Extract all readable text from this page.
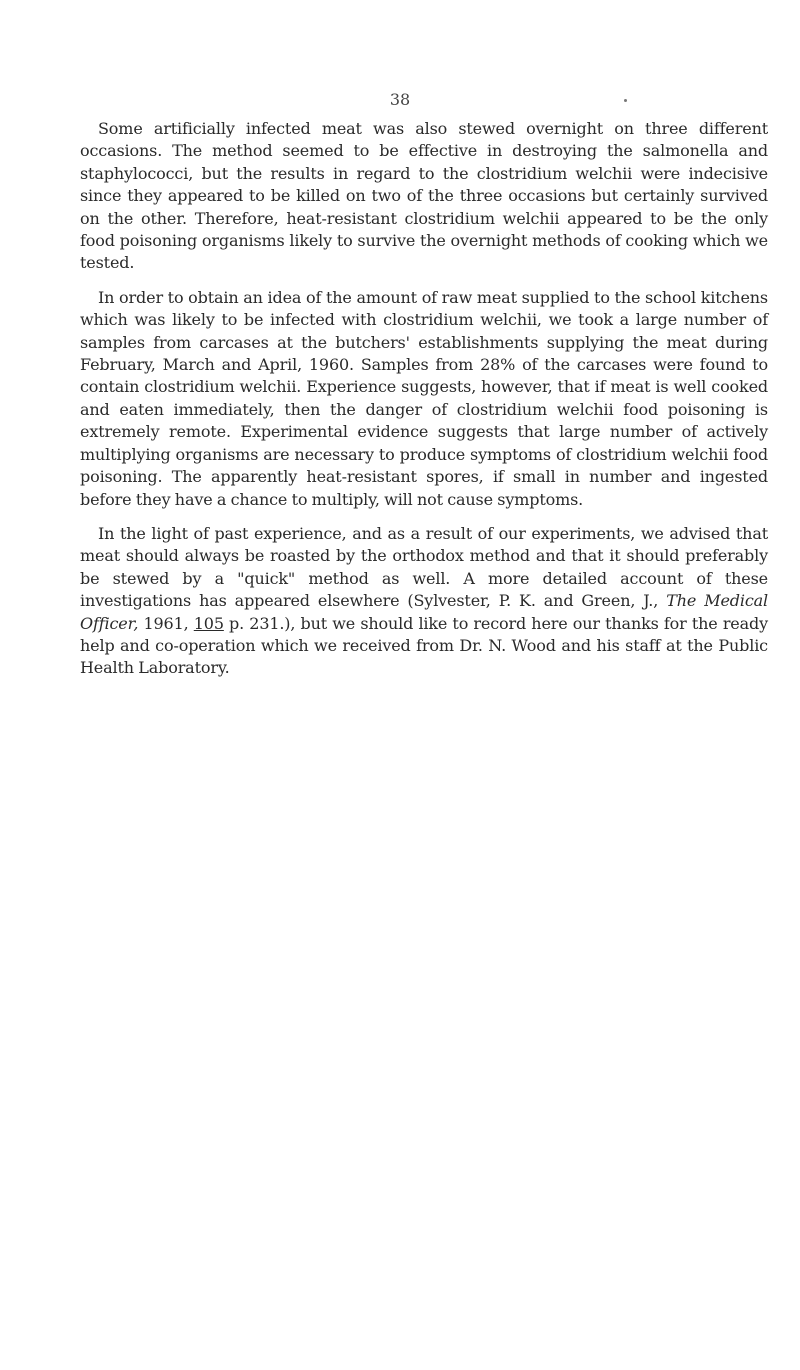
38

Some artificially infected meat was also stewed overnight on three different occasions. The method seemed to be effective in destroying the salmonella and staphylococci, but the results in regard to the clostridium welchii were indecisive since they appeared to be killed on two of the three occasions but certainly survived on the other. Therefore, heat-resistant clostridium welchii appeared to be the only food poisoning organisms likely to survive the overnight methods of cooking which we tested.

In order to obtain an idea of the amount of raw meat supplied to the school kitchens which was likely to be infected with clostridium welchii, we took a large number of samples from carcases at the butchers' establishments supplying the meat during February, March and April, 1960. Samples from 28% of the carcases were found to contain clostridium welchii. Experience suggests, however, that if meat is well cooked and eaten immediately, then the danger of clostridium welchii food poisoning is extremely remote. Experimental evidence suggests that large number of actively multiplying organisms are necessary to produce symptoms of clostridium welchii food poisoning. The apparently heat-resistant spores, if small in number and ingested before they have a chance to multiply, will not cause symptoms.

In the light of past experience, and as a result of our experiments, we advised that meat should always be roasted by the orthodox method and that it should preferably be stewed by a "quick" method as well. A more detailed account of these investigations has appeared elsewhere (Sylvester, P. K. and Green, J., The Medical Officer, 1961, 105 p. 231.), but we should like to record here our thanks for the ready help and co-operation which we received from Dr. N. Wood and his staff at the Public Health Laboratory.
